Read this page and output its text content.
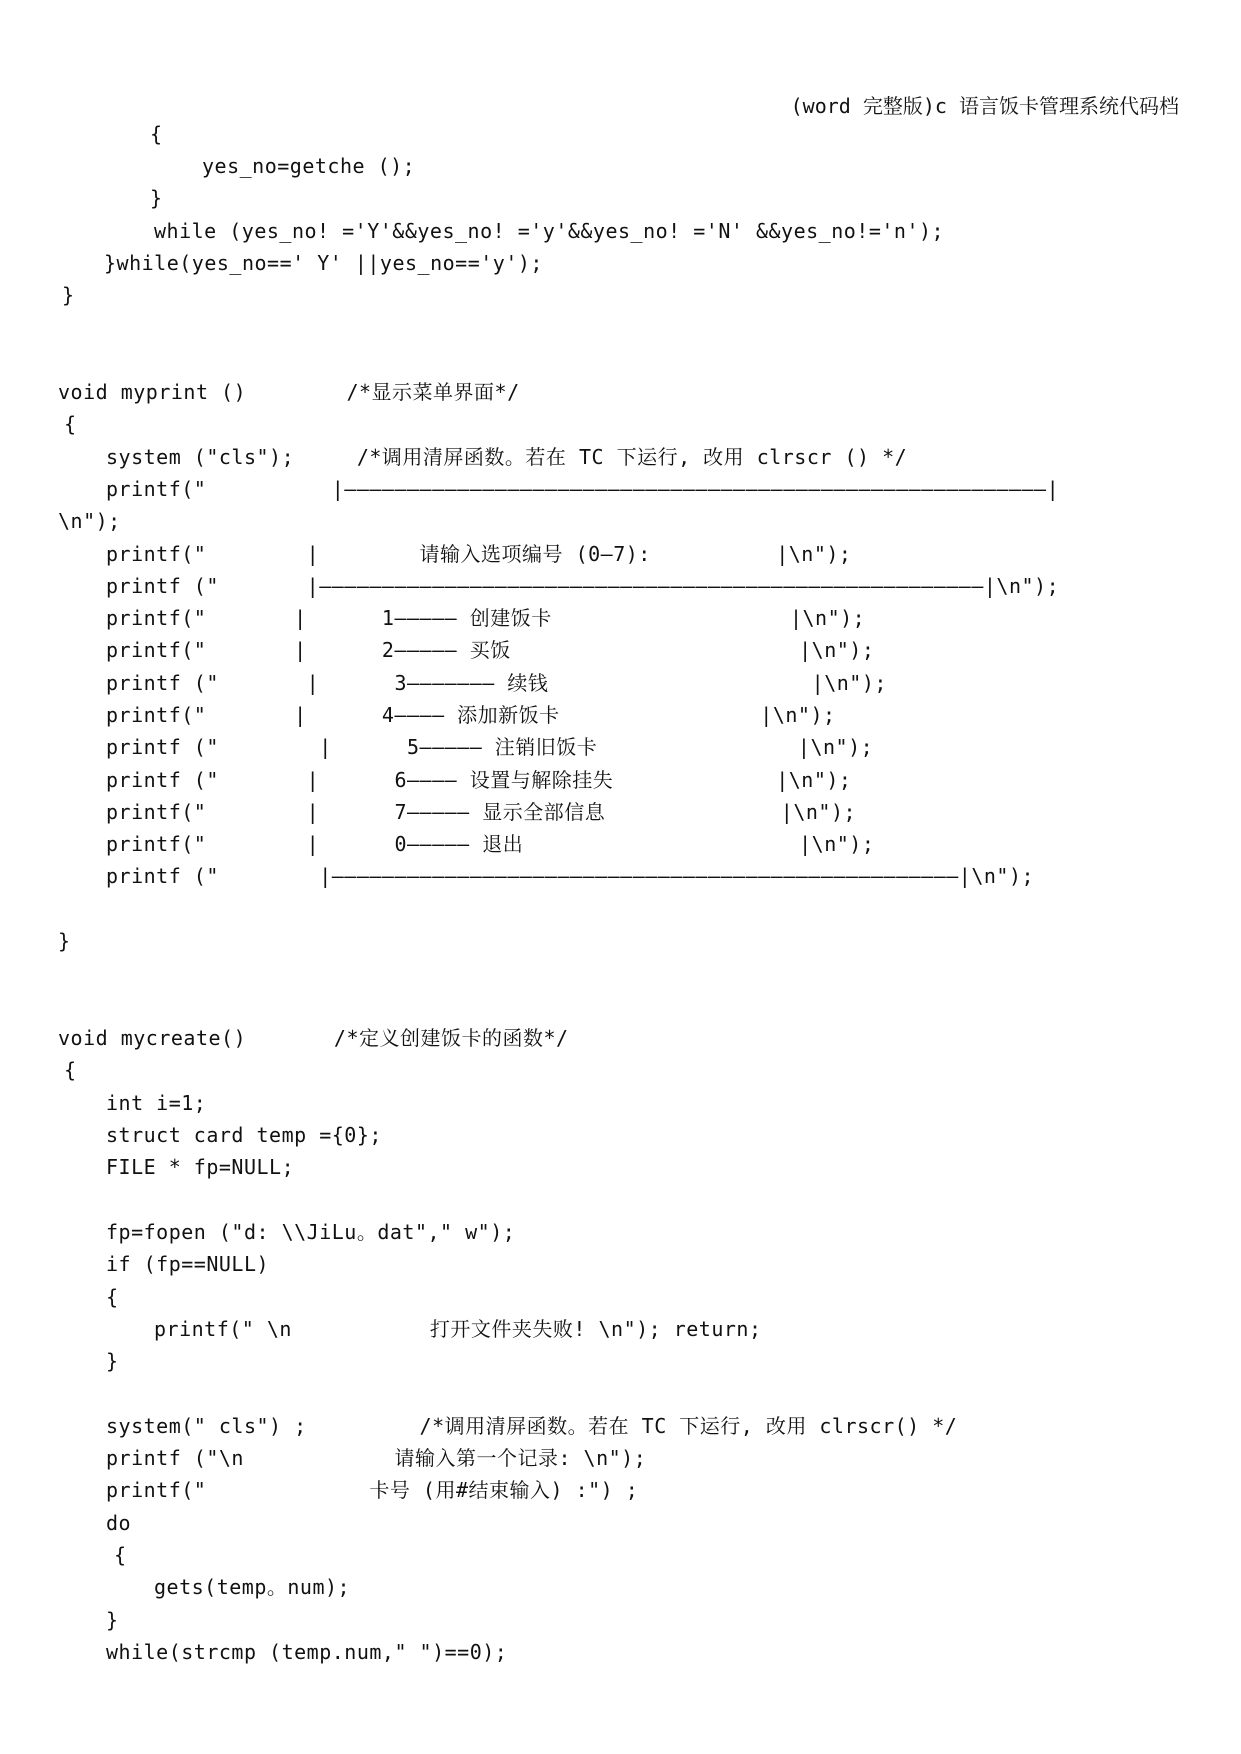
(word 完整版)c 语言饭卡管理系统代码档
{
yes_no=getche ();
}
while (yes_no! ='Y'&&yes_no! ='y'&&yes_no! ='N' &&yes_no!='n');
}while(yes_no==' Y' ||yes_no=='y');
}
void myprint ()        /*显示菜单界面*/
{
system ("cls");     /*调用清屏函数。若在 TC 下运行, 改用 clrscr () */
printf("          |————————————————————————————————————————————————————————|
\n");
printf("        |        请输入选项编号 (0—7):          |\n");
printf ("       |—————————————————————————————————————————————————————|\n");
printf("       |      1————— 创建饭卡                   |\n");
printf("       |      2————— 买饭                       |\n");
printf ("       |      3——————— 续钱                     |\n");
printf("       |      4———— 添加新饭卡                |\n");
printf ("        |      5————— 注销旧饭卡                |\n");
printf ("       |      6———— 设置与解除挂失             |\n");
printf("        |      7————— 显示全部信息              |\n");
printf("        |      0————— 退出                      |\n");
printf ("        |——————————————————————————————————————————————————|\n");
}
void mycreate()       /*定义创建饭卡的函数*/
{
int i=1;
struct card temp ={0};
FILE * fp=NULL;
fp=fopen ("d: \\JiLu。dat"," w");
if (fp==NULL)
{
printf(" \n           打开文件夹失败! \n"); return;
}
system(" cls") ;         /*调用清屏函数。若在 TC 下运行, 改用 clrscr() */
printf ("\n            请输入第一个记录: \n");
printf("             卡号 (用#结束输入) :") ;
do
{
gets(temp。num);
}
while(strcmp (temp.num," ")==0);
